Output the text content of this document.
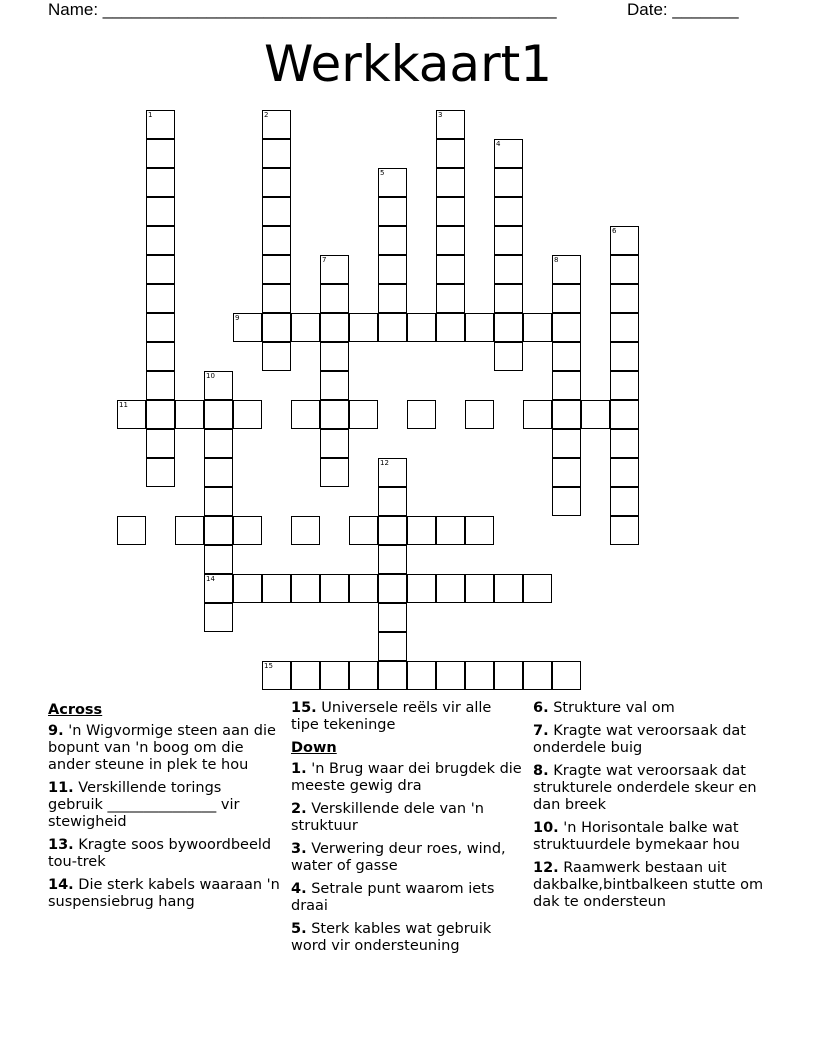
Name: ________________________________________________	Date: _______
Werkkaart1
1	2	3
4
5
6
7	8
9
10
14
11
12
15
Across
9. 'n Wigvormige steen aan die bopunt van 'n boog om die ander steune in plek te hou
11. Verskillende torings gebruik _______________ vir stewigheid
13. Kragte soos bywoordbeeld tou-trek
14. Die sterk kabels waaraan 'n suspensiebrug hang
15. Universele reëls vir alle tipe tekeninge
Down
1. 'n Brug waar dei brugdek die meeste gewig dra
2. Verskillende dele van 'n struktuur
3. Verwering deur roes, wind, water of gasse
4. Setrale punt waarom iets draai
5. Sterk kables wat gebruik word vir ondersteuning
6. Strukture val om
7. Kragte wat veroorsaak dat onderdele buig
8. Kragte wat veroorsaak dat strukturele onderdele skeur en dan breek
10. 'n Horisontale balke wat struktuurdele bymekaar hou
12. Raamwerk bestaan uit dakbalke,bintbalkeen stutte om dak te ondersteun
